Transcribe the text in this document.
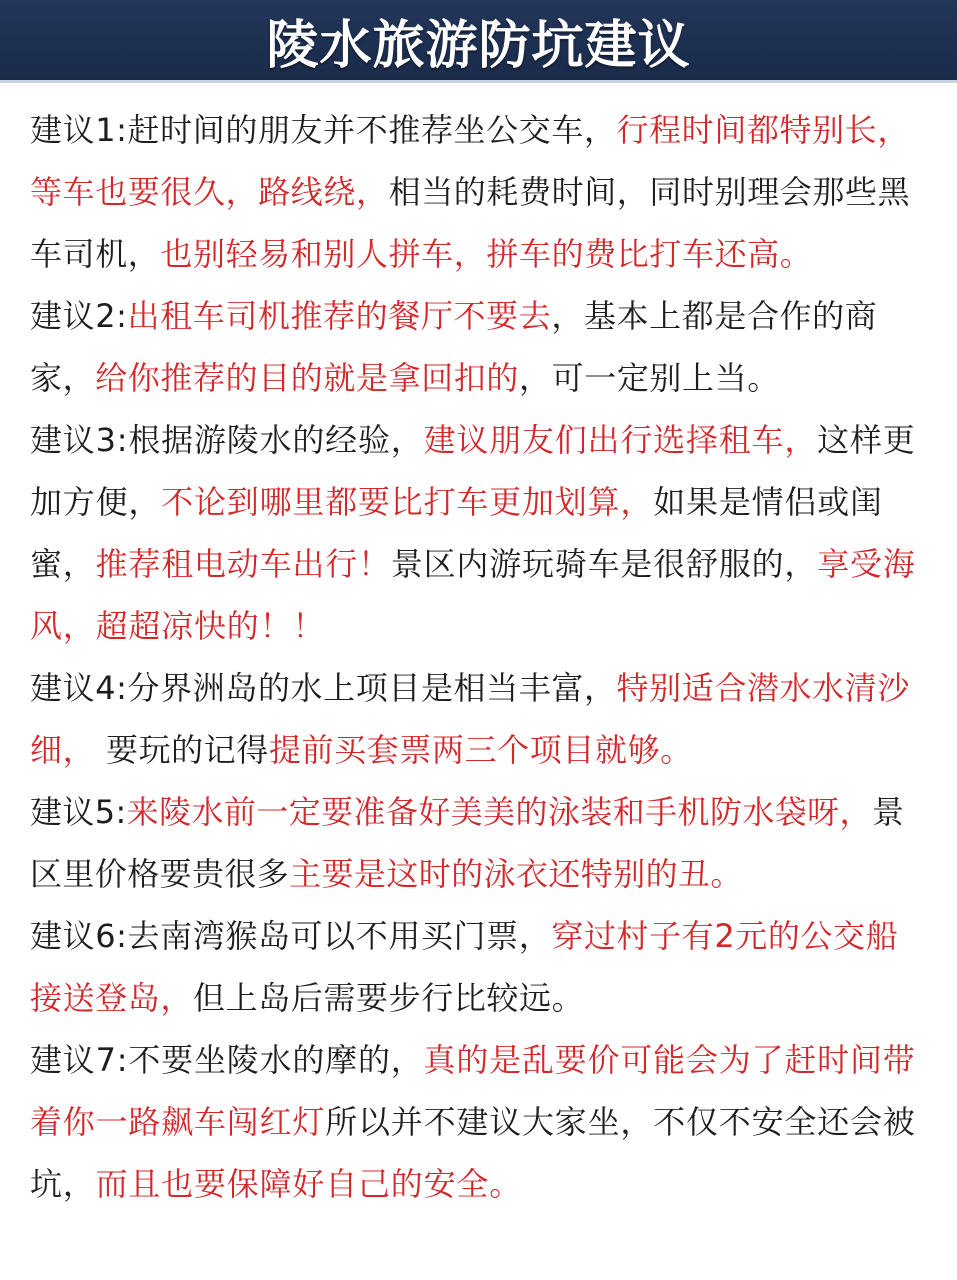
陵水旅游防坑建议

建议1:赶时间的朋友并不推荐坐公交车，行程时间都特别长，等车也要很久，路线绕，相当的耗费时间，同时别理会那些黑车司机，也别轻易和别人拼车，拼车的费比打车还高。

建议2:出租车司机推荐的餐厅不要去，基本上都是合作的商家，给你推荐的目的就是拿回扣的，可一定别上当。

建议3:根据游陵水的经验，建议朋友们出行选择租车，这样更加方便，不论到哪里都要比打车更加划算，如果是情侣或闺蜜，推荐租电动车出行！景区内游玩骑车是很舒服的，享受海风，超超凉快的！！

建议4:分界洲岛的水上项目是相当丰富，特别适合潜水水清沙细， 要玩的记得提前买套票两三个项目就够。

建议5:来陵水前一定要准备好美美的泳装和手机防水袋呀，景区里价格要贵很多主要是这时的泳衣还特别的丑。

建议6:去南湾猴岛可以不用买门票，穿过村子有2元的公交船接送登岛，但上岛后需要步行比较远。

建议7:不要坐陵水的摩的，真的是乱要价可能会为了赶时间带着你一路飙车闯红灯所以并不建议大家坐，不仅不安全还会被坑，而且也要保障好自己的安全。
